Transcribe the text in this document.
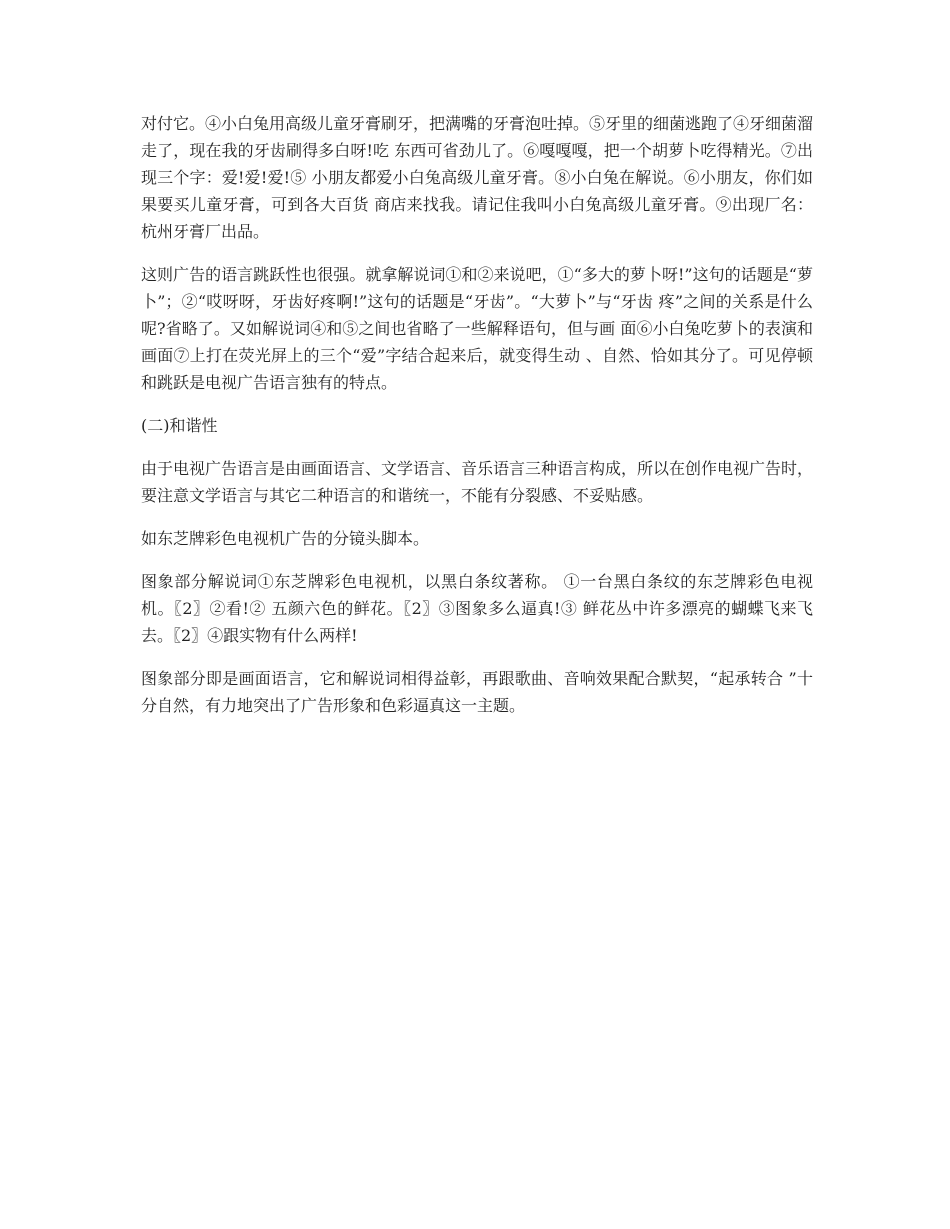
对付它。④小白兔用高级儿童牙膏刷牙，把满嘴的牙膏泡吐掉。⑤牙里的细菌逃跑了④牙细菌溜走了，现在我的牙齿刷得多白呀!吃 东西可省劲儿了。⑥嘎嘎嘎，把一个胡萝卜吃得精光。⑦出现三个字：爱!爱!爱!⑤ 小朋友都爱小白兔高级儿童牙膏。⑧小白兔在解说。⑥小朋友，你们如果要买儿童牙膏，可到各大百货 商店来找我。请记住我叫小白兔高级儿童牙膏。⑨出现厂名：杭州牙膏厂出品。

这则广告的语言跳跃性也很强。就拿解说词①和②来说吧，①“多大的萝卜呀!”这句的话题是“萝卜”；②“哎呀呀，牙齿好疼啊!”这句的话题是“牙齿”。“大萝卜”与“牙齿 疼”之间的关系是什么呢?省略了。又如解说词④和⑤之间也省略了一些解释语句，但与画 面⑥小白兔吃萝卜的表演和画面⑦上打在荧光屏上的三个“爱”字结合起来后，就变得生动 、自然、恰如其分了。可见停顿和跳跃是电视广告语言独有的特点。

(二)和谐性

由于电视广告语言是由画面语言、文学语言、音乐语言三种语言构成，所以在创作电视广告时，要注意文学语言与其它二种语言的和谐统一，不能有分裂感、不妥贴感。

如东芝牌彩色电视机广告的分镜头脚本。

图象部分解说词①东芝牌彩色电视机，以黑白条纹著称。 ①一台黑白条纹的东芝牌彩色电视机。〖2〗②看!② 五颜六色的鲜花。〖2〗③图象多么逼真!③ 鲜花丛中许多漂亮的蝴蝶飞来飞去。〖2〗④跟实物有什么两样!

图象部分即是画面语言，它和解说词相得益彰，再跟歌曲、音响效果配合默契，“起承转合 ”十分自然，有力地突出了广告形象和色彩逼真这一主题。
